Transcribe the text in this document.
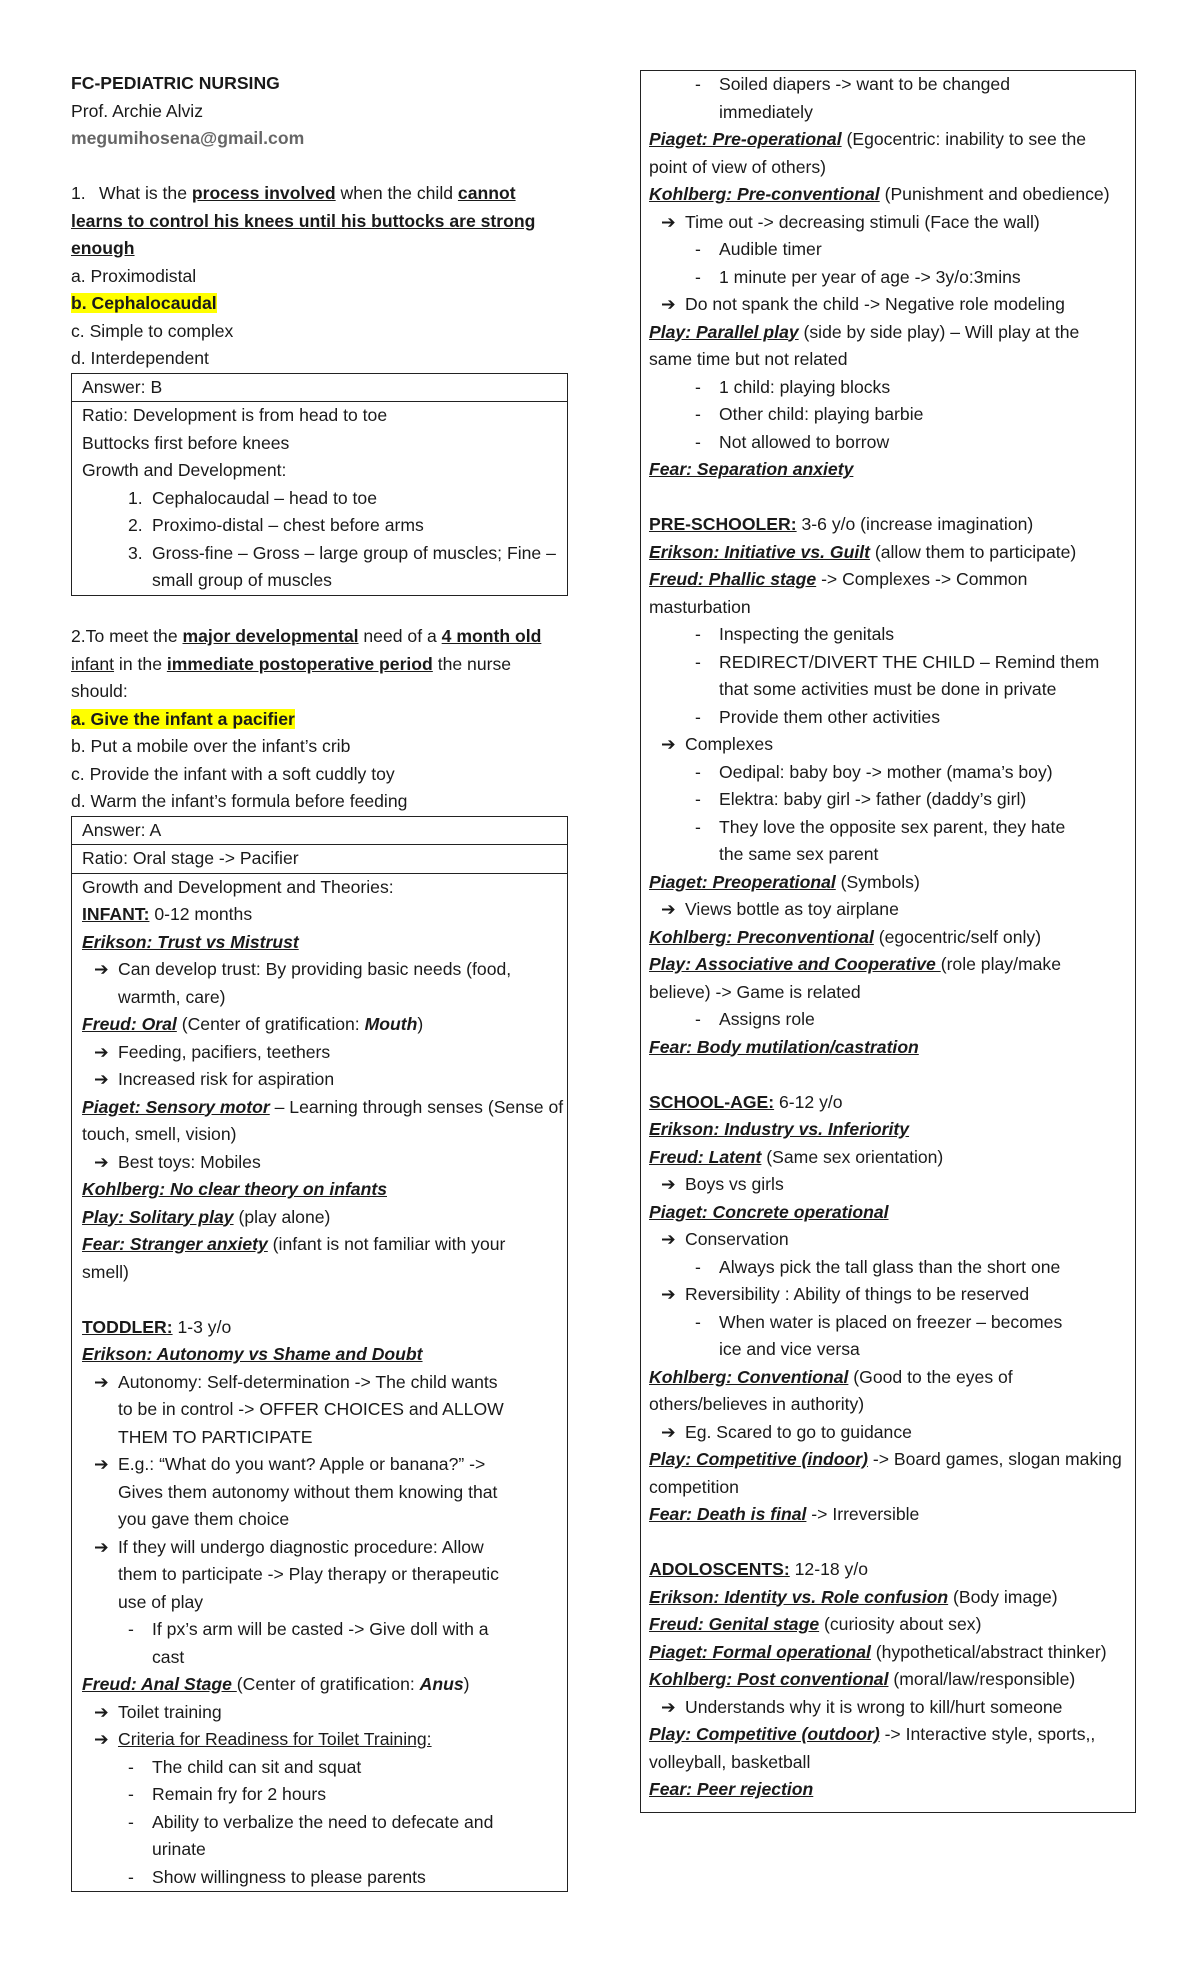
FC-PEDIATRIC NURSING
Prof. Archie Alviz
megumihosena@gmail.com
1. What is the process involved when the child cannot
learns to control his knees until his buttocks are strong
enough
a. Proximodistal
b. Cephalocaudal
c. Simple to complex
d. Interdependent
Answer: B
Ratio: Development is from head to toe
Buttocks first before knees
Growth and Development:
1. Cephalocaudal – head to toe
2. Proximo-distal – chest before arms
3. Gross-fine – Gross – large group of muscles; Fine –
small group of muscles
2.To meet the major developmental need of a 4 month old
infant in the immediate postoperative period the nurse
should:
a. Give the infant a pacifier
b. Put a mobile over the infant’s crib
c. Provide the infant with a soft cuddly toy
d. Warm the infant’s formula before feeding
Answer: A
Ratio: Oral stage -> Pacifier
Growth and Development and Theories:
INFANT: 0-12 months
Erikson: Trust vs Mistrust
➔ Can develop trust: By providing basic needs (food,
warmth, care)
Freud: Oral (Center of gratification: Mouth)
➔ Feeding, pacifiers, teethers
➔ Increased risk for aspiration
Piaget: Sensory motor – Learning through senses (Sense of
touch, smell, vision)
➔ Best toys: Mobiles
Kohlberg: No clear theory on infants
Play: Solitary play (play alone)
Fear: Stranger anxiety (infant is not familiar with your
smell)
TODDLER: 1-3 y/o
Erikson: Autonomy vs Shame and Doubt
➔ Autonomy: Self-determination -> The child wants
to be in control -> OFFER CHOICES and ALLOW
THEM TO PARTICIPATE
➔ E.g.: “What do you want? Apple or banana?” ->
Gives them autonomy without them knowing that
you gave them choice
➔ If they will undergo diagnostic procedure: Allow
them to participate -> Play therapy or therapeutic
use of play
- If px’s arm will be casted -> Give doll with a
cast
Freud: Anal Stage (Center of gratification: Anus)
➔ Toilet training
➔ Criteria for Readiness for Toilet Training:
- The child can sit and squat
- Remain fry for 2 hours
- Ability to verbalize the need to defecate and
urinate
- Show willingness to please parents
- Soiled diapers -> want to be changed
immediately
Piaget: Pre-operational (Egocentric: inability to see the
point of view of others)
Kohlberg: Pre-conventional (Punishment and obedience)
➔ Time out -> decreasing stimuli (Face the wall)
- Audible timer
- 1 minute per year of age -> 3y/o:3mins
➔ Do not spank the child -> Negative role modeling
Play: Parallel play (side by side play) – Will play at the
same time but not related
- 1 child: playing blocks
- Other child: playing barbie
- Not allowed to borrow
Fear: Separation anxiety
PRE-SCHOOLER: 3-6 y/o (increase imagination)
Erikson: Initiative vs. Guilt (allow them to participate)
Freud: Phallic stage -> Complexes -> Common
masturbation
- Inspecting the genitals
- REDIRECT/DIVERT THE CHILD – Remind them
that some activities must be done in private
- Provide them other activities
➔ Complexes
- Oedipal: baby boy -> mother (mama’s boy)
- Elektra: baby girl -> father (daddy’s girl)
- They love the opposite sex parent, they hate
the same sex parent
Piaget: Preoperational (Symbols)
➔ Views bottle as toy airplane
Kohlberg: Preconventional (egocentric/self only)
Play: Associative and Cooperative (role play/make
believe) -> Game is related
- Assigns role
Fear: Body mutilation/castration
SCHOOL-AGE: 6-12 y/o
Erikson: Industry vs. Inferiority
Freud: Latent (Same sex orientation)
➔ Boys vs girls
Piaget: Concrete operational
➔ Conservation
- Always pick the tall glass than the short one
➔ Reversibility : Ability of things to be reserved
- When water is placed on freezer – becomes
ice and vice versa
Kohlberg: Conventional (Good to the eyes of
others/believes in authority)
➔ Eg. Scared to go to guidance
Play: Competitive (indoor) -> Board games, slogan making
competition
Fear: Death is final -> Irreversible
ADOLOSCENTS: 12-18 y/o
Erikson: Identity vs. Role confusion (Body image)
Freud: Genital stage (curiosity about sex)
Piaget: Formal operational (hypothetical/abstract thinker)
Kohlberg: Post conventional (moral/law/responsible)
➔ Understands why it is wrong to kill/hurt someone
Play: Competitive (outdoor) -> Interactive style, sports,,
volleyball, basketball
Fear: Peer rejection
